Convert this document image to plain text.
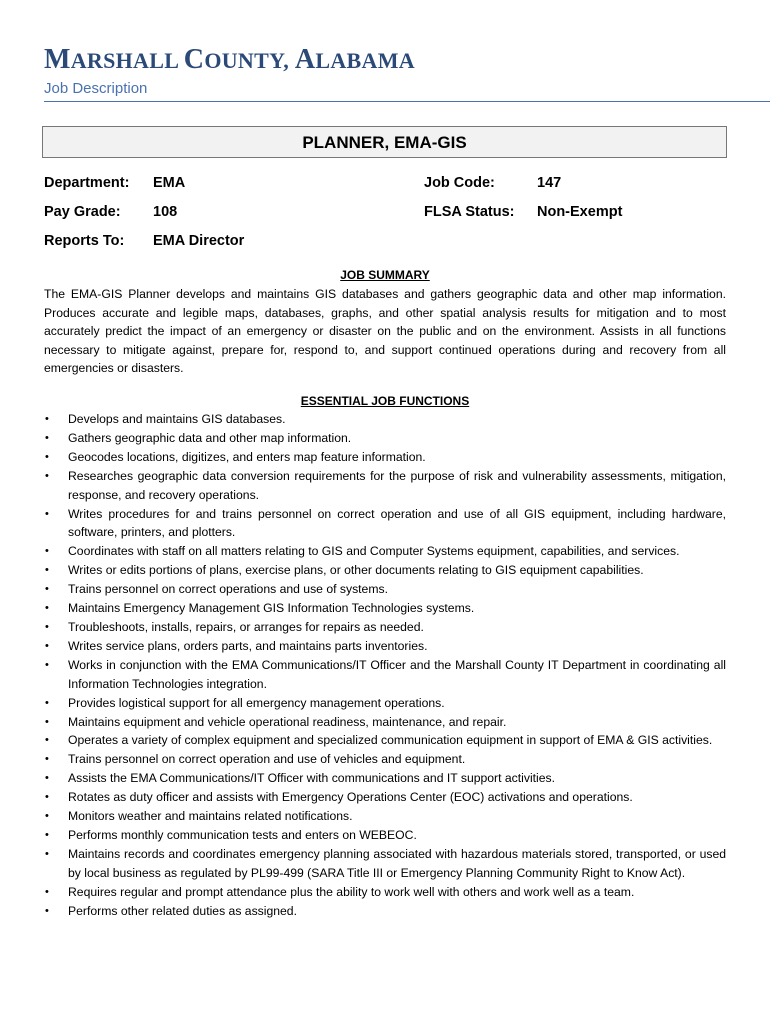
MARSHALL COUNTY, ALABAMA
Job Description
PLANNER, EMA-GIS
Department: EMA	Job Code:	147
Pay Grade: 108	FLSA Status: Non-Exempt
Reports To: EMA Director
JOB SUMMARY

The EMA-GIS Planner develops and maintains GIS databases and gathers geographic data and other map information. Produces accurate and legible maps, databases, graphs, and other spatial analysis results for mitigation and to most accurately predict the impact of an emergency or disaster on the public and on the environment. Assists in all functions necessary to mitigate against, prepare for, respond to, and support continued operations during and recovery from all emergencies or disasters.

ESSENTIAL JOB FUNCTIONS
• Develops and maintains GIS databases.
• Gathers geographic data and other map information.
• Geocodes locations, digitizes, and enters map feature information.
• Researches geographic data conversion requirements for the purpose of risk and vulnerability assessments, mitigation, response, and recovery operations.
• Writes procedures for and trains personnel on correct operation and use of all GIS equipment, including hardware, software, printers, and plotters.
• Coordinates with staff on all matters relating to GIS and Computer Systems equipment, capabilities, and services.
• Writes or edits portions of plans, exercise plans, or other documents relating to GIS equipment capabilities.
• Trains personnel on correct operations and use of systems.
• Maintains Emergency Management GIS Information Technologies systems.
• Troubleshoots, installs, repairs, or arranges for repairs as needed.
• Writes service plans, orders parts, and maintains parts inventories.
• Works in conjunction with the EMA Communications/IT Officer and the Marshall County IT Department in coordinating all Information Technologies integration.
• Provides logistical support for all emergency management operations.
• Maintains equipment and vehicle operational readiness, maintenance, and repair.
• Operates a variety of complex equipment and specialized communication equipment in support of EMA & GIS activities.
• Trains personnel on correct operation and use of vehicles and equipment.
• Assists the EMA Communications/IT Officer with communications and IT support activities.
• Rotates as duty officer and assists with Emergency Operations Center (EOC) activations and operations.
• Monitors weather and maintains related notifications.
• Performs monthly communication tests and enters on WEBEOC.
• Maintains records and coordinates emergency planning associated with hazardous materials stored, transported, or used by local business as regulated by PL99-499 (SARA Title III or Emergency Planning Community Right to Know Act).
• Requires regular and prompt attendance plus the ability to work well with others and work well as a team.
• Performs other related duties as assigned.
